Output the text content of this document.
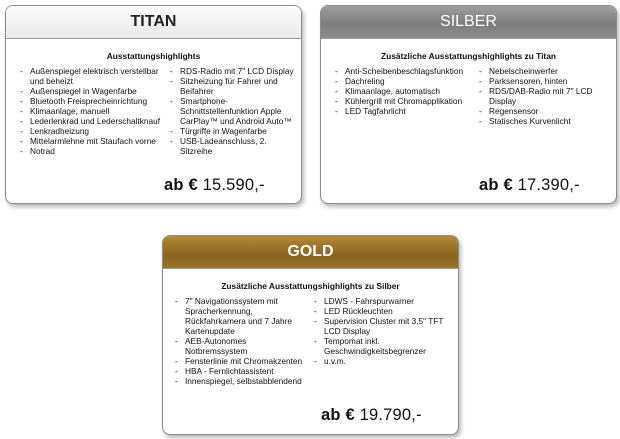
TITAN
Ausstattungshighlights
- Außenspiegel elektrisch verstellbar und beheizt
- Außenspiegel in Wagenfarbe
- Bluetooth Freisprecheinrichtung
- Klimaanlage, manuell
- Lederlenkrad und Lederschaltknauf
- Lenkradheizung
- Mittelarmlehne mit Staufach vorne
- Notrad
- RDS-Radio mit 7" LCD Display
- Sitzheizung für Fahrer und Beifahrer
- Smartphone-Schnittstellenfunktion Apple CarPlay™ und Android Auto™
- Türgriffe in Wagenfarbe
- USB-Ladeanschluss, 2. Sitzreihe
ab € 15.590,-
SILBER
Zusätzliche Ausstattungshighlights zu Titan
- Anti-Scheibenbeschlagsfunktion
- Dachreling
- Klimaanlage, automatisch
- Kühlergrill mit Chromapplikation
- LED Tagfahrlicht
- Nebelscheinwerfer
- Parksensoren, hinten
- RDS/DAB-Radio mit 7" LCD Display
- Regensensor
- Statisches Kurvenlicht
ab € 17.390,-
GOLD
Zusätzliche Ausstattungshighlights zu Silber
- 7" Navigationssystem mit Spracherkennung, Rückfahrkamera und 7 Jahre Kartenupdate
- AEB-Autonomes Notbremssystem
- Fensterlinie mit Chromakzenten
- HBA - Fernlichtassistent
- Innenspiegel, selbstabblendend
- LDWS - Fahrspurwarner
- LED Rückleuchten
- Supervision Cluster mit 3,5" TFT LCD Display
- Tempomat inkl. Geschwindigkeitsbegrenzer
- u.v.m.
ab € 19.790,-
